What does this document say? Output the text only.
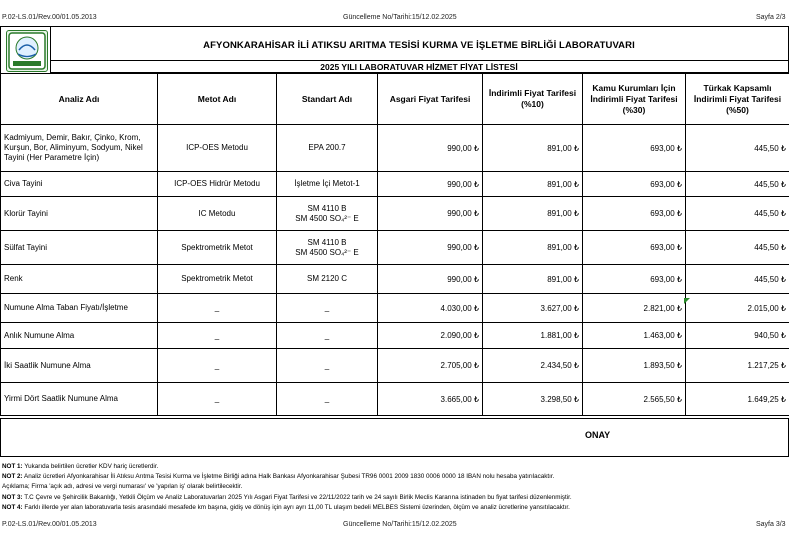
P.02-LS.01/Rev.00/01.05.2013	Güncelleme No/Tarihi:15/12.02.2025	Sayfa 2/3
AFYONKARAHİSAR İLİ ATIKSU ARITMA TESİSİ KURMA VE İŞLETME BİRLİĞİ LABORATUVARI
2025 YILI LABORATUVAR HİZMET FİYAT LİSTESİ
Analiz Adı	Metot Adı	Standart Adı	Asgari Fiyat Tarifesi	İndirimli Fiyat Tarifesi (%10)	Kamu Kurumları İçin İndirimli Fiyat Tarifesi (%30)	Türkak Kapsamlı İndirimli Fiyat Tarifesi (%50)
Kadmiyum, Demir, Bakır, Çinko, Krom, Kurşun, Bor, Aliminyum, Sodyum, Nikel Tayini (Her Parametre İçin)	ICP-OES Metodu	EPA 200.7	990,00 ₺	891,00 ₺	693,00 ₺	445,50 ₺
Civa Tayini	ICP-OES Hidrür Metodu	İşletme İçi Metot-1	990,00 ₺	891,00 ₺	693,00 ₺	445,50 ₺
Klorür Tayini	IC Metodu	SM 4110 B
SM 4500 SO₄²⁻ E	990,00 ₺	891,00 ₺	693,00 ₺	445,50 ₺
Sülfat Tayini	Spektrometrik Metot	SM 4110 B
SM 4500 SO₄²⁻ E	990,00 ₺	891,00 ₺	693,00 ₺	445,50 ₺
Renk	Spektrometrik Metot	SM 2120 C	990,00 ₺	891,00 ₺	693,00 ₺	445,50 ₺
Numune Alma Taban Fiyatı/İşletme	_	_	4.030,00 ₺	3.627,00 ₺	2.821,00 ₺	2.015,00 ₺
Anlık Numune Alma	_	_	2.090,00 ₺	1.881,00 ₺	1.463,00 ₺	940,50 ₺
İki Saatlik Numune Alma	_	_	2.705,00 ₺	2.434,50 ₺	1.893,50 ₺	1.217,25 ₺
Yirmi Dört Saatlik Numune Alma	_	_	3.665,00 ₺	3.298,50 ₺	2.565,50 ₺	1.649,25 ₺
ONAY
NOT 1: Yukarıda belirtilen ücretler KDV hariç ücretlerdir.
NOT 2: Analiz ücretleri Afyonkarahisar İli Atıksu Arıtma Tesisi Kurma ve İşletme Birliği adına Halk Bankası Afyonkarahisar Şubesi TR96 0001 2009 1830 0006 0000 18 IBAN nolu hesaba yatırılacaktır.
Açıklama; Firma 'açık adı, adresi ve vergi numarası' ve 'yapılan iş' olarak belirtilecektir.
NOT 3: T.C Çevre ve Şehircilik Bakanlığı, Yetkili Ölçüm ve Analiz Laboratuvarları 2025 Yılı Asgari Fiyat Tarifesi ve 22/11/2022 tarih ve 24 sayılı Birlik Meclis Kararına istinaden bu fiyat tarifesi düzenlenmiştir.
NOT 4: Farklı illerde yer alan laboratuvarla tesis arasındaki mesafede km başına, gidiş ve dönüş için ayrı ayrı 11,00 TL ulaşım bedeli MELBES Sistemi üzerinden, ölçüm ve analiz ücretlerine yansıtılacaktır.
P.02-LS.01/Rev.00/01.05.2013	Güncelleme No/Tarihi:15/12.02.2025	Sayfa 3/3
